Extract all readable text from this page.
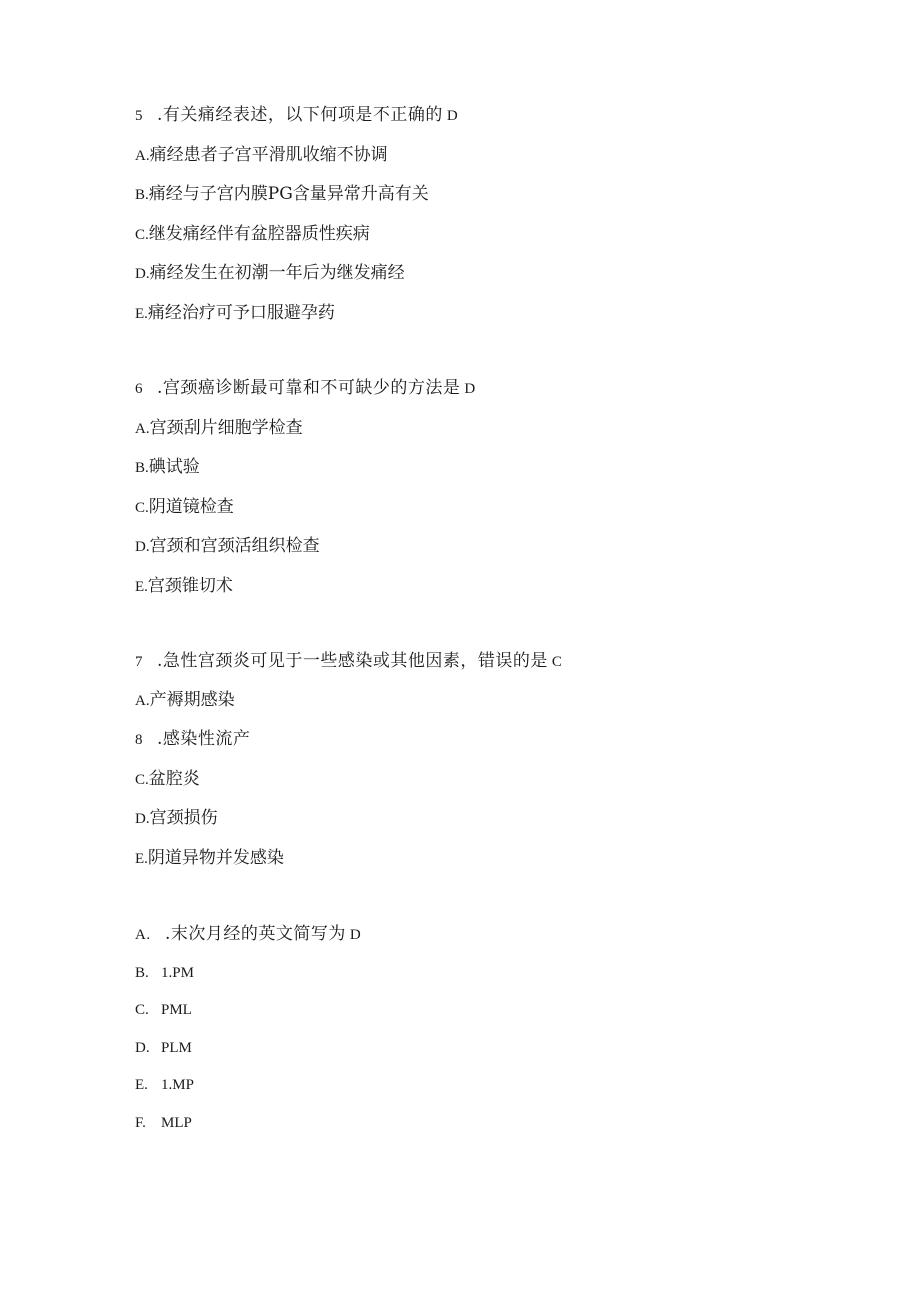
5 .有关痛经表述，以下何项是不正确的 D
A.痛经患者子宫平滑肌收缩不协调
B.痛经与子宫内膜PG含量异常升高有关
C.继发痛经伴有盆腔器质性疾病
D.痛经发生在初潮一年后为继发痛经
E.痛经治疗可予口服避孕药
6 .宫颈癌诊断最可靠和不可缺少的方法是 D
A.宫颈刮片细胞学检查
B.碘试验
C.阴道镜检查
D.宫颈和宫颈活组织检查
E.宫颈锥切术
7 .急性宫颈炎可见于一些感染或其他因素，错误的是 C
A.产褥期感染
8 .感染性流产
C.盆腔炎
D.宫颈损伤
E.阴道异物并发感染
A. .末次月经的英文简写为 D
B. 1.PM
C. PML
D. PLM
E. 1.MP
F. MLP
